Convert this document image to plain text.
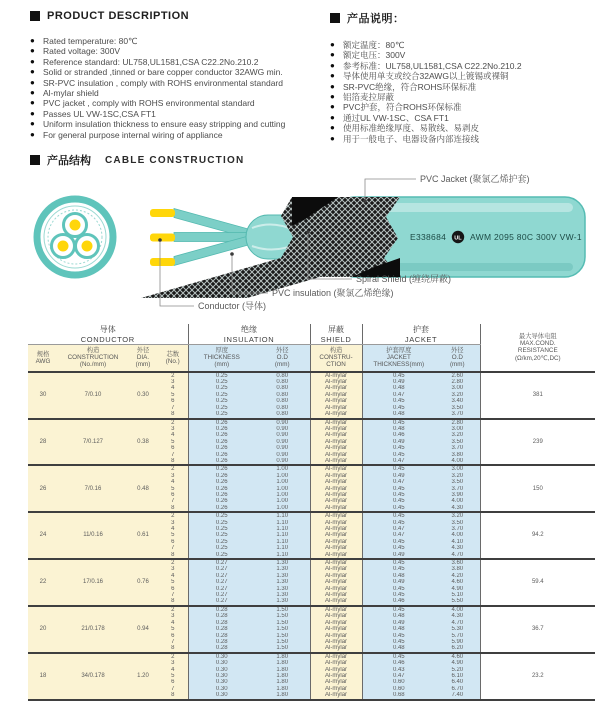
PRODUCT DESCRIPTION
● Rated temperature: 80℃
● Rated voltage: 300V
● Reference standard: UL758,UL1581,CSA C22.2No.210.2
● Solid or stranded ,tinned or bare copper conductor 32AWG min.
● SR-PVC insulation , comply with ROHS environmental standard
● Al-mylar shield
● PVC jacket , comply with ROHS environmental standard
● Passes UL VW-1SC,CSA FT1
● Uniform insulation thickness to ensure easy stripping and cutting
● For general purpose internal wiring of appliance
产品说明：
● 额定温度：80℃
● 额定电压：300V
● 参考标准：UL758,UL1581,CSA C22.2No.210.2
● 导体使用单支或绞合32AWG以上镀锡或裸铜
● SR-PVC绝缘，符合ROHS环保标准
● 铝箔麦拉屏蔽
● PVC护套，符合ROHS环保标准
● 通过UL VW-1SC、CSA FT1
● 使用标准绝缘厚度、易散线、易剥皮
● 用于一般电子、电器设备内部连接线
产品结构 CABLE CONSTRUCTION
E338684 UL AWM 2095 80C 300V VW-1
PVC Jacket (聚氯乙烯护套)
Spiral Shield (缠绕屏蔽)
PVC insulation (聚氯乙烯绝缘)
Conductor (导体)
导体
CONDUCTOR

绝缘
INSULATION

屏蔽
SHIELD

护套
JACKET	最大导体电阻
MAX.COND.
RESISTANCE
(Ω/km,20℃,DC)

规格
AWG

构造
CONSTRUCTION
(No./mm)

外径
DIA.
(mm)

芯数
(No.)

厚度
THICKNESS
(mm)

外径
O.D
(mm)

构造
CONSTRU-
CTION

护套厚度
JACKET
THICKNESS(mm)

外径
O.D
(mm)

30	7/0.10	0.30	2	0.25	0.80	Al-mylar	0.45	2.60	381
			3	0.25	0.80	Al-mylar	0.49	2.80	
			4	0.25	0.80	Al-mylar	0.48	3.00	
			5	0.25	0.80	Al-mylar	0.47	3.20	
			6	0.25	0.80	Al-mylar	0.45	3.40	
			7	0.25	0.80	Al-mylar	0.45	3.50	
			8	0.25	0.80	Al-mylar	0.48	3.70	
28	7/0.127	0.38	2	0.26	0.90	Al-mylar	0.45	2.80	239
			3	0.26	0.90	Al-mylar	0.48	3.00	
			4	0.26	0.90	Al-mylar	0.46	3.20	
			5	0.26	0.90	Al-mylar	0.49	3.50	
			6	0.26	0.90	Al-mylar	0.45	3.70	
			7	0.26	0.90	Al-mylar	0.45	3.80	
			8	0.26	0.90	Al-mylar	0.47	4.00	
26	7/0.16	0.48	2	0.26	1.00	Al-mylar	0.45	3.00	150
			3	0.26	1.00	Al-mylar	0.49	3.20	
			4	0.26	1.00	Al-mylar	0.47	3.50	
			5	0.26	1.00	Al-mylar	0.45	3.70	
			6	0.26	1.00	Al-mylar	0.45	3.90	
			7	0.26	1.00	Al-mylar	0.45	4.00	
			8	0.26	1.00	Al-mylar	0.45	4.30	
24	11/0.16	0.61	2	0.25	1.10	Al-mylar	0.45	3.20	94.2
			3	0.25	1.10	Al-mylar	0.45	3.50	
			4	0.25	1.10	Al-mylar	0.47	3.70	
			5	0.25	1.10	Al-mylar	0.47	4.00	
			6	0.25	1.10	Al-mylar	0.45	4.10	
			7	0.25	1.10	Al-mylar	0.45	4.30	
			8	0.25	1.10	Al-mylar	0.49	4.70	
22	17/0.16	0.76	2	0.27	1.30	Al-mylar	0.45	3.60	59.4
			3	0.27	1.30	Al-mylar	0.45	3.80	
			4	0.27	1.30	Al-mylar	0.48	4.20	
			5	0.27	1.30	Al-mylar	0.49	4.60	
			6	0.27	1.30	Al-mylar	0.45	4.90	
			7	0.27	1.30	Al-mylar	0.45	5.10	
			8	0.27	1.30	Al-mylar	0.46	5.50	
20	21/0.178	0.94	2	0.28	1.50	Al-mylar	0.45	4.00	36.7
			3	0.28	1.50	Al-mylar	0.48	4.30	
			4	0.28	1.50	Al-mylar	0.49	4.70	
			5	0.28	1.50	Al-mylar	0.48	5.30	
			6	0.28	1.50	Al-mylar	0.45	5.70	
			7	0.28	1.50	Al-mylar	0.45	5.90	
			8	0.28	1.50	Al-mylar	0.48	6.20	
18	34/0.178	1.20	2	0.30	1.80	Al-mylar	0.45	4.60	23.2
			3	0.30	1.80	Al-mylar	0.46	4.90	
			4	0.30	1.80	Al-mylar	0.43	5.20	
			5	0.30	1.80	Al-mylar	0.47	6.10	
			6	0.30	1.80	Al-mylar	0.60	6.40	
			7	0.30	1.80	Al-mylar	0.60	6.70	
			8	0.30	1.80	Al-mylar	0.68	7.40	
